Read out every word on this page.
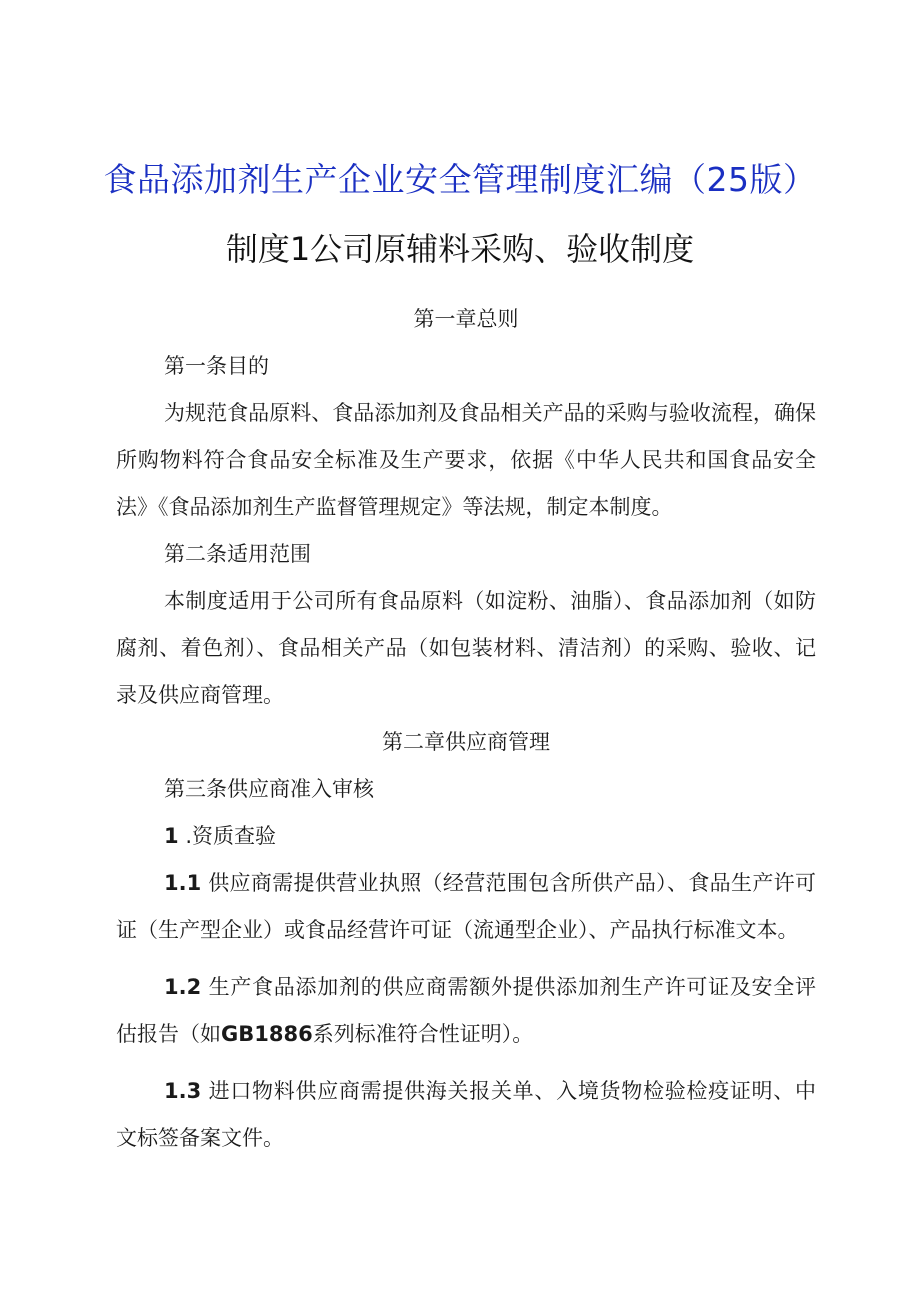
食品添加剂生产企业安全管理制度汇编（25版）
制度1公司原辅料采购、验收制度

第一章总则

第一条目的

为规范食品原料、食品添加剂及食品相关产品的采购与验收流程，确保所购物料符合食品安全标准及生产要求，依据《中华人民共和国食品安全法》《食品添加剂生产监督管理规定》等法规，制定本制度。

第二条适用范围

本制度适用于公司所有食品原料（如淀粉、油脂）、食品添加剂（如防腐剂、着色剂）、食品相关产品（如包装材料、清洁剂）的采购、验收、记录及供应商管理。

第二章供应商管理

第三条供应商准入审核

1 .资质查验

1.1 供应商需提供营业执照（经营范围包含所供产品）、食品生产许可证（生产型企业）或食品经营许可证（流通型企业）、产品执行标准文本。

1.2 生产食品添加剂的供应商需额外提供添加剂生产许可证及安全评估报告（如GB1886系列标准符合性证明）。

1.3 进口物料供应商需提供海关报关单、入境货物检验检疫证明、中文标签备案文件。
